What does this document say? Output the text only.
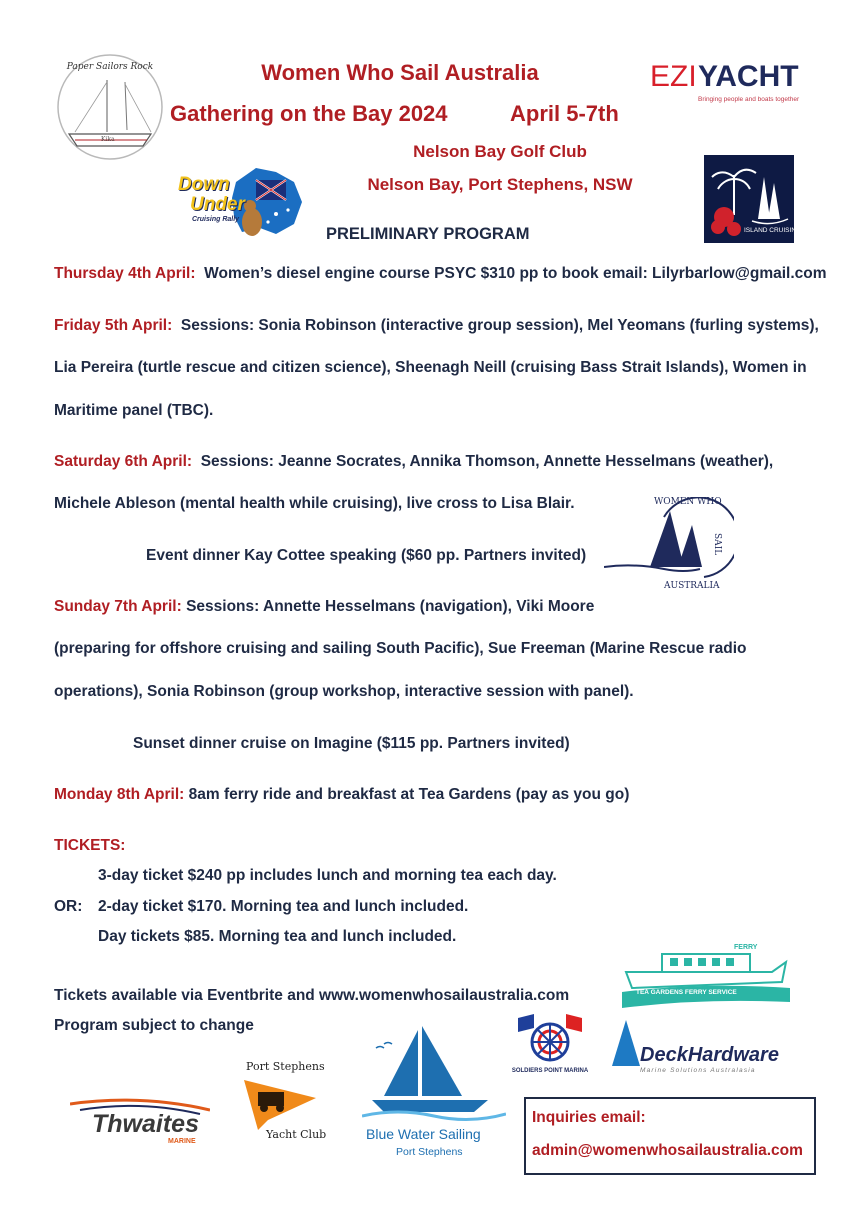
Women Who Sail Australia
Gathering on the Bay 2024	April 5-7th
Nelson Bay Golf Club
Nelson Bay, Port Stephens, NSW
PRELIMINARY PROGRAM
Paper Sailors Rock
Kika
EZI YACHT
Bringing people and boats together
Down
Under
Cruising Rally
ISLAND CRUISING
Thursday 4th April: Women’s diesel engine course PSYC $310 pp to book email: Lilyrbarlow@gmail.com
Friday 5th April: Sessions: Sonia Robinson (interactive group session), Mel Yeomans (furling systems),
Lia Pereira (turtle rescue and citizen science), Sheenagh Neill (cruising Bass Strait Islands), Women in
Maritime panel (TBC).
Saturday 6th April: Sessions: Jeanne Socrates, Annika Thomson, Annette Hesselmans (weather),
Michele Ableson (mental health while cruising), live cross to Lisa Blair.
Event dinner Kay Cottee speaking ($60 pp. Partners invited)
WOMEN WHO
SAIL
AUSTRALIA
Sunday 7th April: Sessions: Annette Hesselmans (navigation), Viki Moore
(preparing for offshore cruising and sailing South Pacific), Sue Freeman (Marine Rescue radio
operations), Sonia Robinson (group workshop, interactive session with panel).
Sunset dinner cruise on Imagine ($115 pp. Partners invited)
Monday 8th April: 8am ferry ride and breakfast at Tea Gardens (pay as you go)
TICKETS:
3-day ticket $240 pp includes lunch and morning tea each day.
OR: 2-day ticket $170. Morning tea and lunch included.
Day tickets $85. Morning tea and lunch included.
Tickets available via Eventbrite and www.womenwhosailaustralia.com
Program subject to change
FERRY
TEA GARDENS FERRY SERVICE
SOLDIERS POINT MARINA
DeckHardware
Marine Solutions Australasia
Thwaites
MARINE
Port Stephens
Yacht Club	Blue Water Sailing
Port Stephens
Inquiries email:
admin@womenwhosailaustralia.com
